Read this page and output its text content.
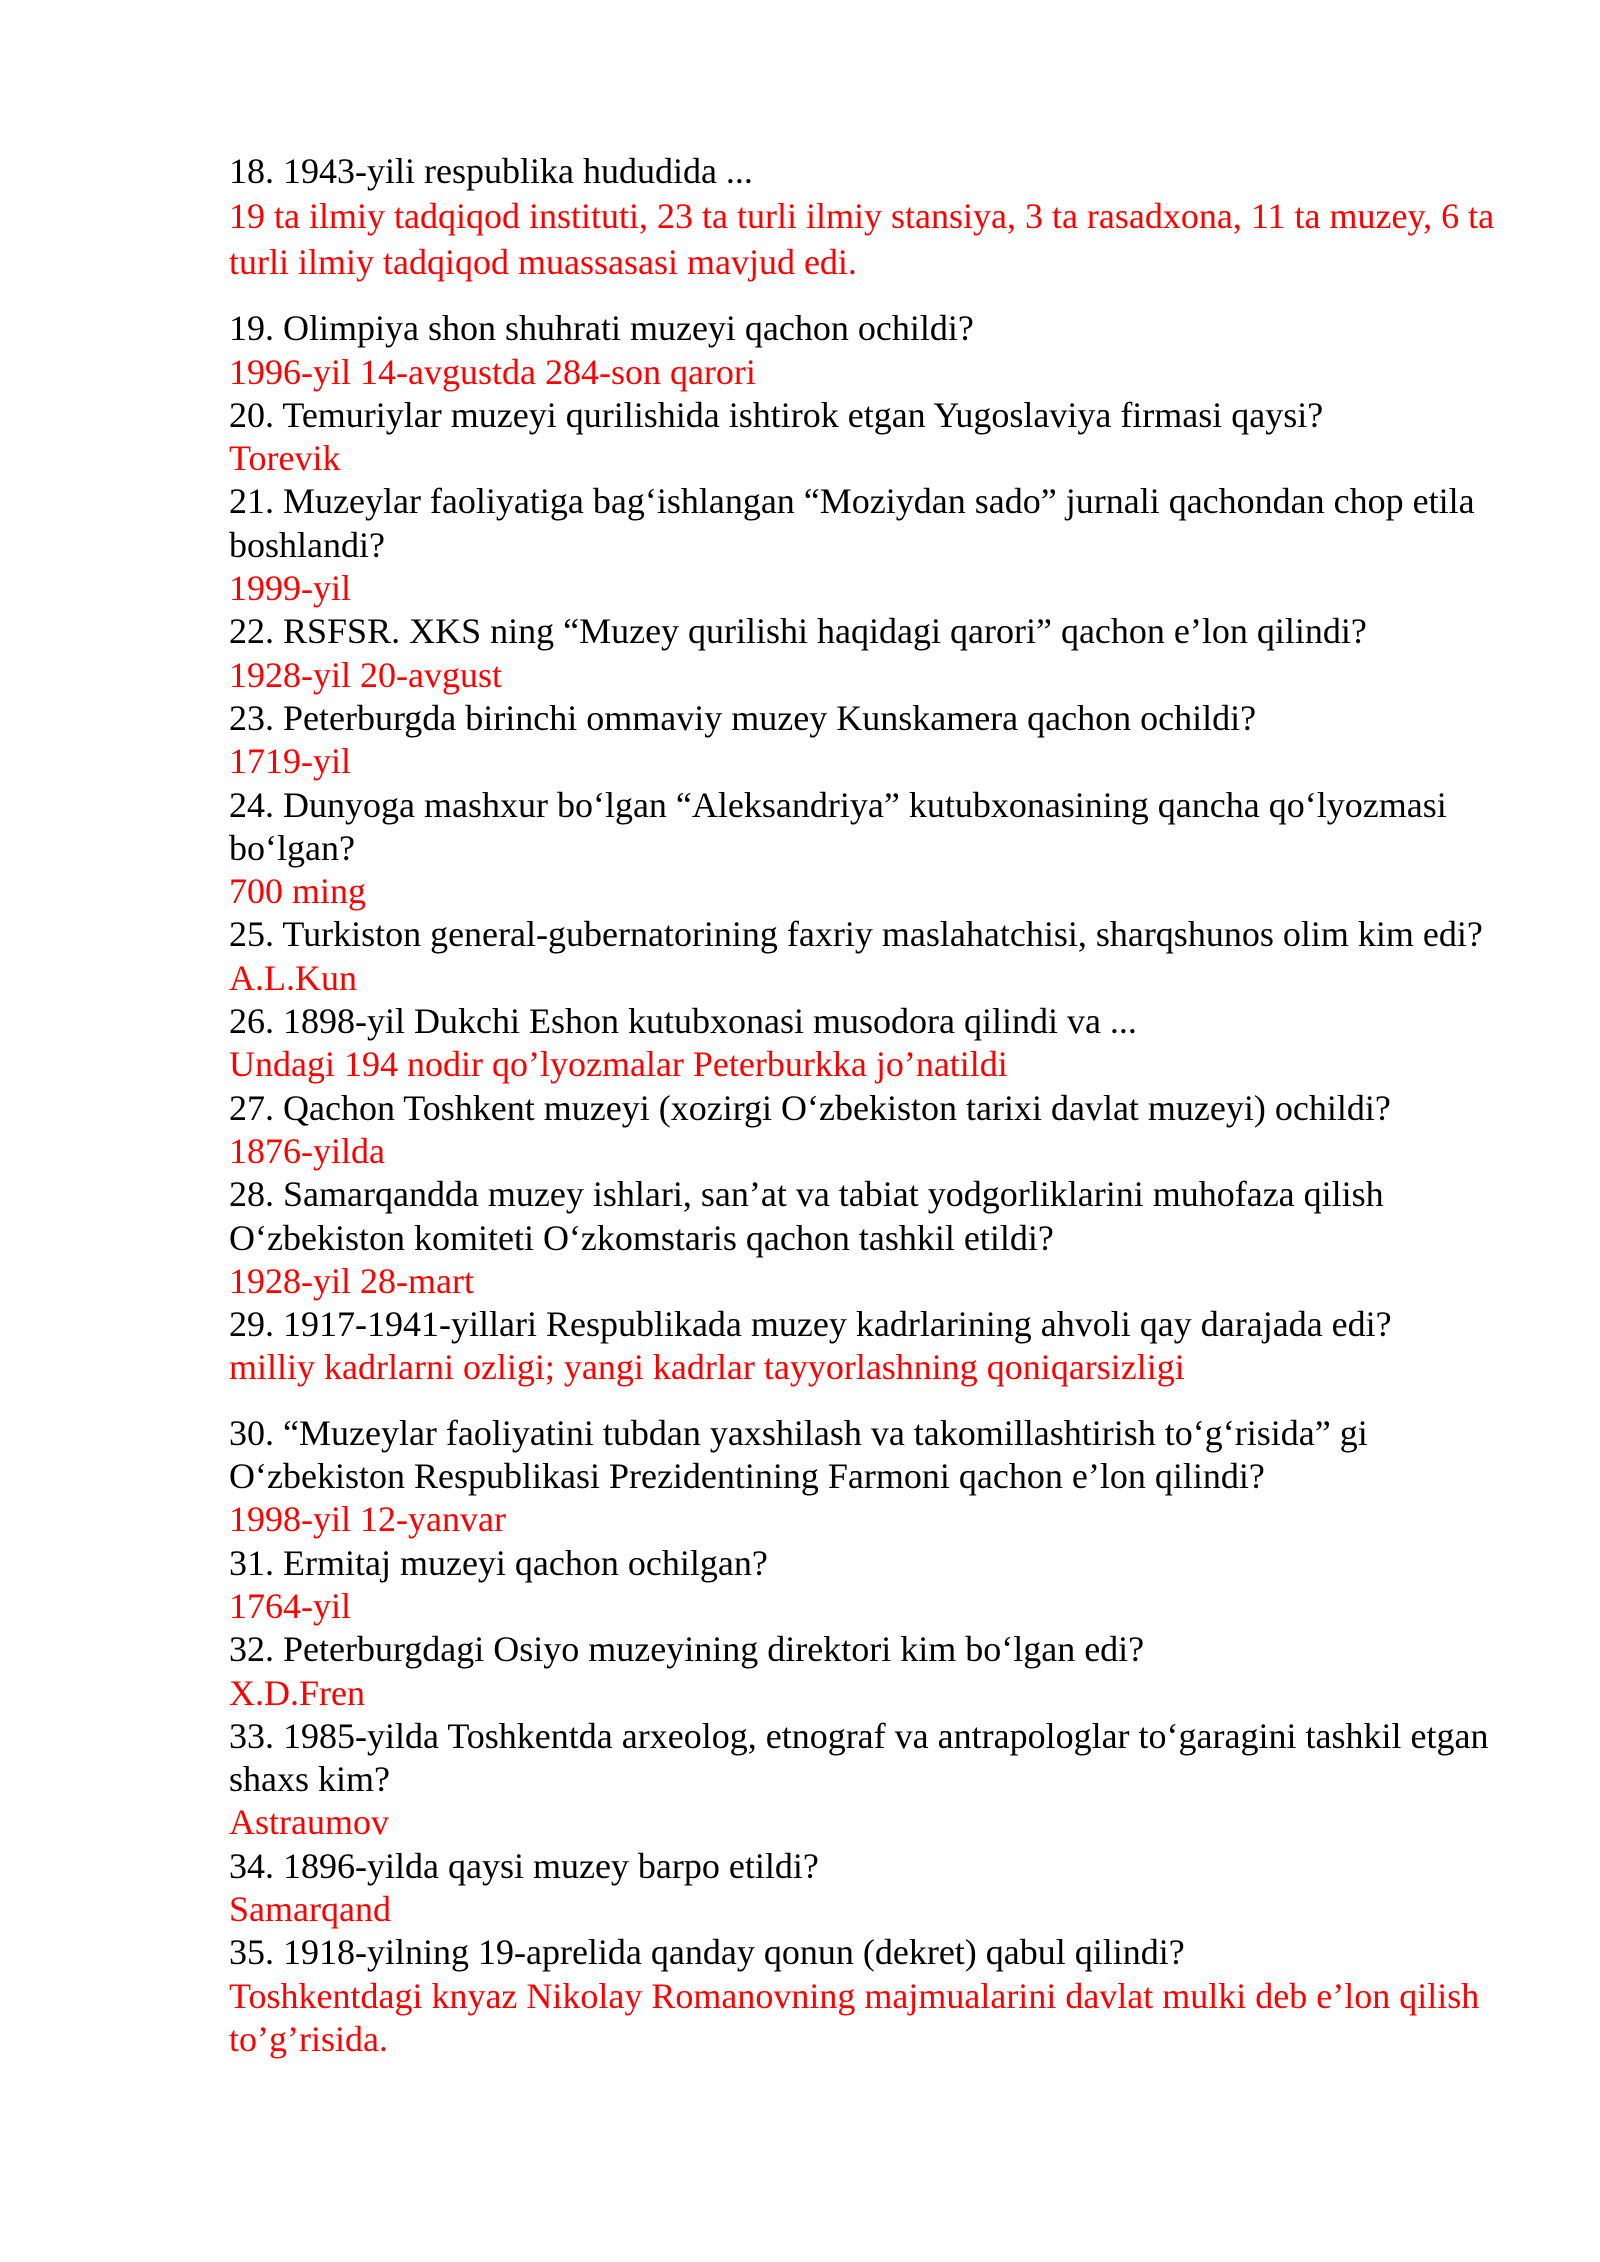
18. 1943-yili respublika hududida ...

19 ta ilmiy tadqiqod instituti, 23 ta turli ilmiy stansiya, 3 ta rasadxona, 11 ta muzey, 6 ta turli ilmiy tadqiqod muassasasi mavjud edi.

19. Olimpiya shon shuhrati muzeyi qachon ochildi?

1996-yil 14-avgustda 284-son qarori

20. Temuriylar muzeyi qurilishida ishtirok etgan Yugoslaviya firmasi qaysi?

Torevik

21. Muzeylar faoliyatiga bag‘ishlangan “Moziydan sado” jurnali qachondan chop etila boshlandi?

1999-yil

22. RSFSR. XKS ning “Muzey qurilishi haqidagi qarori” qachon e’lon qilindi?

1928-yil 20-avgust

23. Peterburgda birinchi ommaviy muzey Kunskamera qachon ochildi?

1719-yil

24. Dunyoga mashxur bo‘lgan “Aleksandriya” kutubxonasining qancha qo‘lyozmasi bo‘lgan?

700 ming

25. Turkiston general-gubernatorining faxriy maslahatchisi, sharqshunos olim kim edi?

A.L.Kun

26. 1898-yil Dukchi Eshon kutubxonasi musodora qilindi va ...

Undagi 194 nodir qo’lyozmalar Peterburkka jo’natildi

27. Qachon Toshkent muzeyi (xozirgi O‘zbekiston tarixi davlat muzeyi) ochildi?

1876-yilda

28. Samarqandda muzey ishlari, san’at va tabiat yodgorliklarini muhofaza qilish O‘zbekiston komiteti O‘zkomstaris qachon tashkil etildi?

1928-yil 28-mart

29. 1917-1941-yillari Respublikada muzey kadrlarining ahvoli qay darajada edi?

milliy kadrlarni ozligi; yangi kadrlar tayyorlashning qoniqarsizligi

30. “Muzeylar faoliyatini tubdan yaxshilash va takomillashtirish to‘g‘risida” gi O‘zbekiston Respublikasi Prezidentining Farmoni qachon e’lon qilindi?

1998-yil 12-yanvar

31. Ermitaj muzeyi qachon ochilgan?

1764-yil

32. Peterburgdagi Osiyo muzeyining direktori kim bo‘lgan edi?

X.D.Fren

33. 1985-yilda Toshkentda arxeolog, etnograf va antrapologlar to‘garagini tashkil etgan shaxs kim?

Astraumov

34. 1896-yilda qaysi muzey barpo etildi?

Samarqand

35. 1918-yilning 19-aprelida qanday qonun (dekret) qabul qilindi?

Toshkentdagi knyaz Nikolay Romanovning majmualarini davlat mulki deb e’lon qilish to’g’risida.
